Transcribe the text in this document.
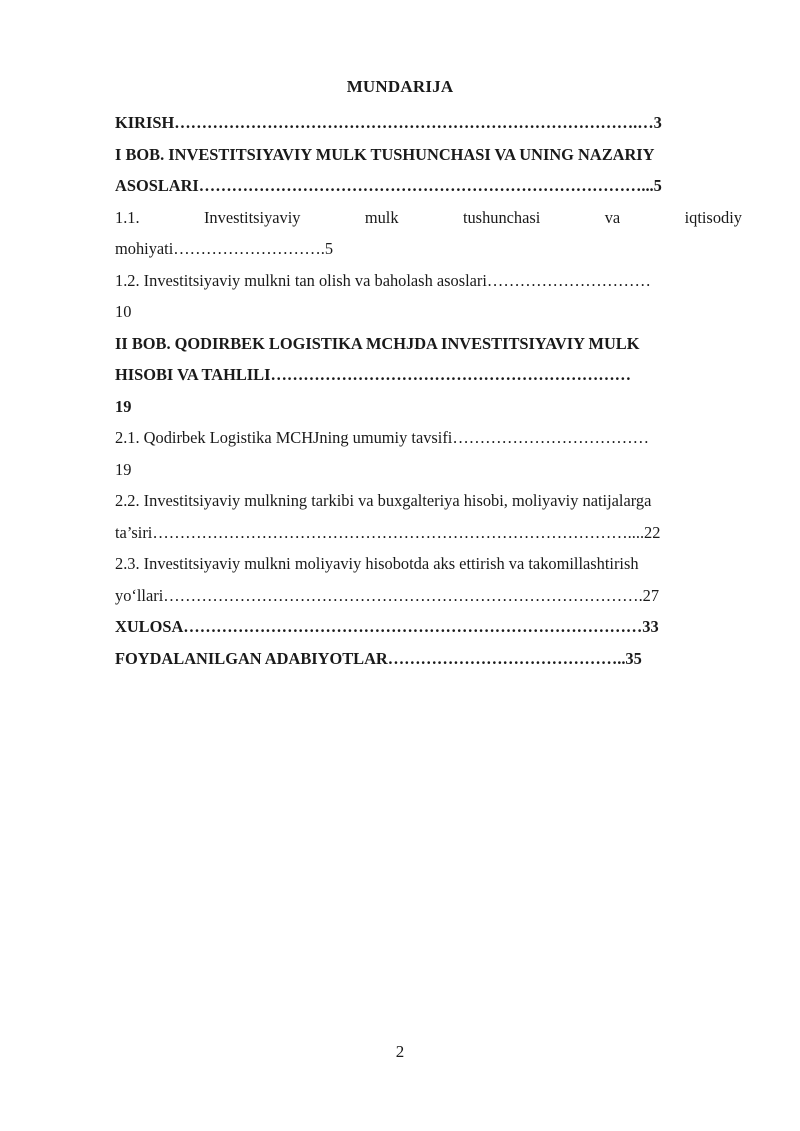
MUNDARIJA
KIRISH………………………………………………………………………….…3
I BOB. INVESTITSIYAVIY MULK TUSHUNCHASI VA UNING NAZARIY
ASOSLARI………………………………………………………………………...5
1.1.	Investitsiyaviy	mulk	tushunchasi	va	iqtisodiy
mohiyati……………………….5
1.2. Investitsiyaviy mulkni tan olish va baholash asoslari…………………………
10
II BOB. QODIRBEK LOGISTIKA MCHJDA INVESTITSIYAVIY MULK
HISOBI VA TAHLILI…………………………………………………………
19
2.1. Qodirbek Logistika MCHJning umumiy tavsifi………………………………
19
2.2. Investitsiyaviy mulkning tarkibi va buxgalteriya hisobi, moliyaviy natijalarga
ta’siri……………………………………………………………………………....22
2.3. Investitsiyaviy mulkni moliyaviy hisobotda aks ettirish va takomillashtirish
yo‘llari…………………………………………………………………………….27
XULOSA…………………………………………………………………………33
FOYDALANILGAN ADABIYOTLAR……………………………………..35
2
